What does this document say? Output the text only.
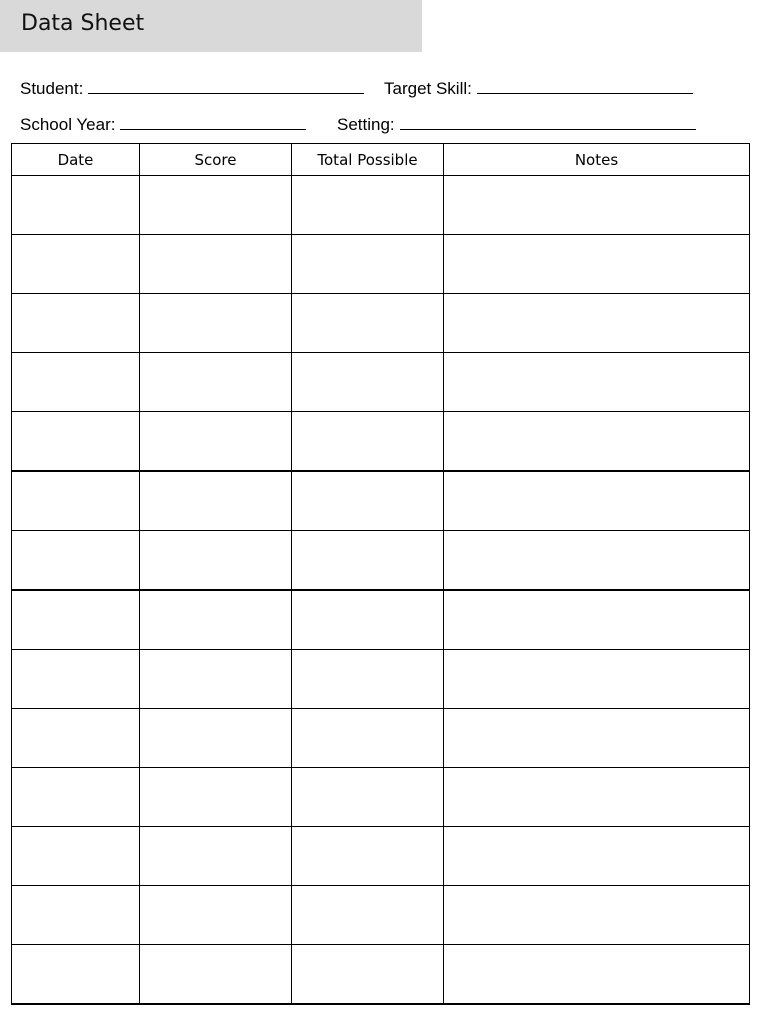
Data Sheet
Student:	Target Skill:
School Year:	Setting:
Date	Score	Total Possible	Notes
